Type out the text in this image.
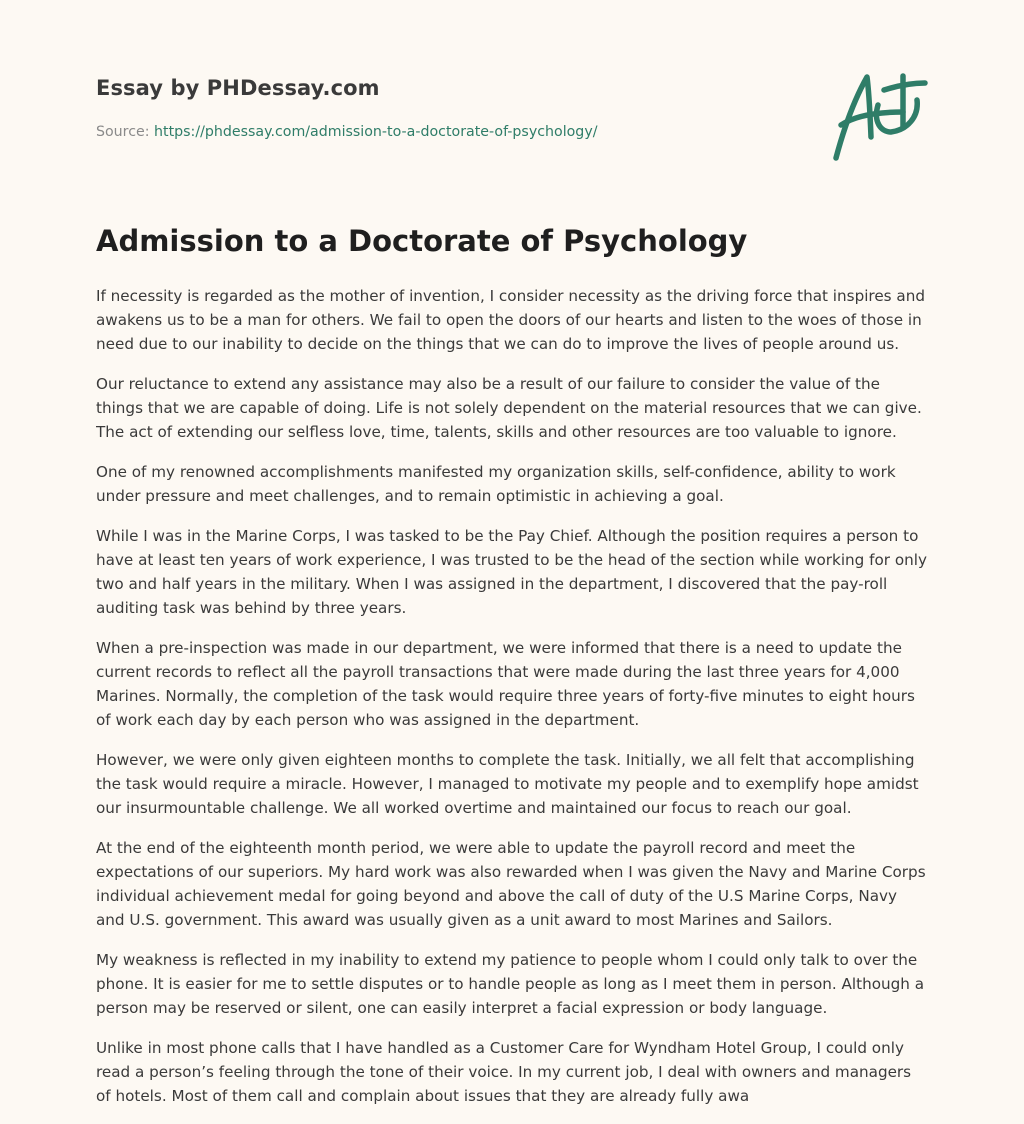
Essay by PHDessay.com
Source: https://phdessay.com/admission-to-a-doctorate-of-psychology/
Admission to a Doctorate of Psychology

If necessity is regarded as the mother of invention, I consider necessity as the driving force that inspires and awakens us to be a man for others. We fail to open the doors of our hearts and listen to the woes of those in need due to our inability to decide on the things that we can do to improve the lives of people around us.

Our reluctance to extend any assistance may also be a result of our failure to consider the value of the things that we are capable of doing. Life is not solely dependent on the material resources that we can give. The act of extending our selfless love, time, talents, skills and other resources are too valuable to ignore.

One of my renowned accomplishments manifested my organization skills, self-confidence, ability to work under pressure and meet challenges, and to remain optimistic in achieving a goal.

While I was in the Marine Corps, I was tasked to be the Pay Chief. Although the position requires a person to have at least ten years of work experience, I was trusted to be the head of the section while working for only two and half years in the military. When I was assigned in the department, I discovered that the pay-roll auditing task was behind by three years.

When a pre-inspection was made in our department, we were informed that there is a need to update the current records to reflect all the payroll transactions that were made during the last three years for 4,000 Marines. Normally, the completion of the task would require three years of forty-five minutes to eight hours of work each day by each person who was assigned in the department.

However, we were only given eighteen months to complete the task. Initially, we all felt that accomplishing the task would require a miracle. However, I managed to motivate my people and to exemplify hope amidst our insurmountable challenge. We all worked overtime and maintained our focus to reach our goal.

At the end of the eighteenth month period, we were able to update the payroll record and meet the expectations of our superiors. My hard work was also rewarded when I was given the Navy and Marine Corps individual achievement medal for going beyond and above the call of duty of the U.S Marine Corps, Navy and U.S. government. This award was usually given as a unit award to most Marines and Sailors.

My weakness is reflected in my inability to extend my patience to people whom I could only talk to over the phone. It is easier for me to settle disputes or to handle people as long as I meet them in person. Although a person may be reserved or silent, one can easily interpret a facial expression or body language.

Unlike in most phone calls that I have handled as a Customer Care for Wyndham Hotel Group, I could only read a person’s feeling through the tone of their voice. In my current job, I deal with owners and managers of hotels. Most of them call and complain about issues that they are already fully awa
